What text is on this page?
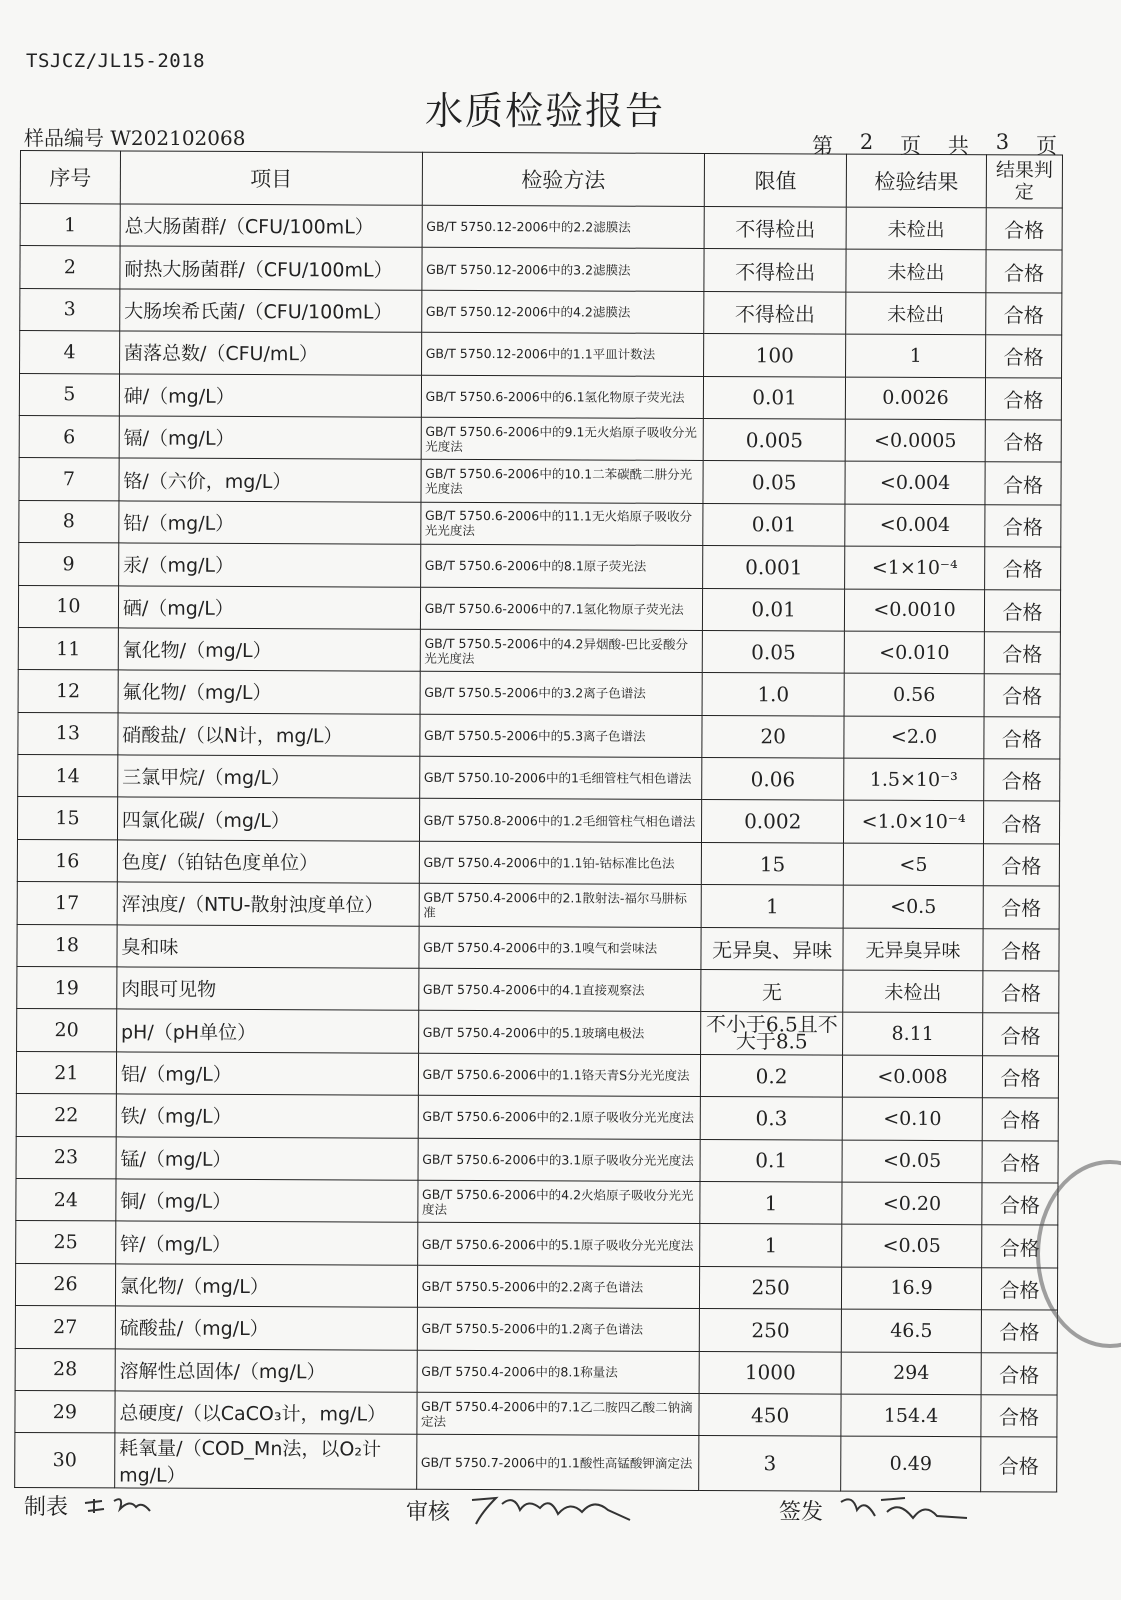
TSJCZ/JL15-2018
水质检验报告
样品编号 W202102068	第 2 页 共 3 页
序号	项目	检验方法	限值	检验结果	结果判定
1	总大肠菌群/（CFU/100mL）	GB/T 5750.12-2006中的2.2滤膜法	不得检出	未检出	合格
2	耐热大肠菌群/（CFU/100mL）	GB/T 5750.12-2006中的3.2滤膜法	不得检出	未检出	合格
3	大肠埃希氏菌/（CFU/100mL）	GB/T 5750.12-2006中的4.2滤膜法	不得检出	未检出	合格
4	菌落总数/（CFU/mL）	GB/T 5750.12-2006中的1.1平皿计数法	100	1	合格
5	砷/（mg/L）	GB/T 5750.6-2006中的6.1氢化物原子荧光法	0.01	0.0026	合格
6	镉/（mg/L）	GB/T 5750.6-2006中的9.1无火焰原子吸收分光光度法	0.005	<0.0005	合格
7	铬/（六价，mg/L）	GB/T 5750.6-2006中的10.1二苯碳酰二肼分光光度法	0.05	<0.004	合格
8	铅/（mg/L）	GB/T 5750.6-2006中的11.1无火焰原子吸收分光光度法	0.01	<0.004	合格
9	汞/（mg/L）	GB/T 5750.6-2006中的8.1原子荧光法	0.001	<1×10⁻⁴	合格
10	硒/（mg/L）	GB/T 5750.6-2006中的7.1氢化物原子荧光法	0.01	<0.0010	合格
11	氰化物/（mg/L）	GB/T 5750.5-2006中的4.2异烟酸-巴比妥酸分光光度法	0.05	<0.010	合格
12	氟化物/（mg/L）	GB/T 5750.5-2006中的3.2离子色谱法	1.0	0.56	合格
13	硝酸盐/（以N计，mg/L）	GB/T 5750.5-2006中的5.3离子色谱法	20	<2.0	合格
14	三氯甲烷/（mg/L）	GB/T 5750.10-2006中的1毛细管柱气相色谱法	0.06	1.5×10⁻³	合格
15	四氯化碳/（mg/L）	GB/T 5750.8-2006中的1.2毛细管柱气相色谱法	0.002	<1.0×10⁻⁴	合格
16	色度/（铂钴色度单位）	GB/T 5750.4-2006中的1.1铂-钴标准比色法	15	<5	合格
17	浑浊度/（NTU-散射浊度单位）	GB/T 5750.4-2006中的2.1散射法-福尔马肼标准	1	<0.5	合格
18	臭和味	GB/T 5750.4-2006中的3.1嗅气和尝味法	无异臭、异味	无异臭异味	合格
19	肉眼可见物	GB/T 5750.4-2006中的4.1直接观察法	无	未检出	合格
20	pH/（pH单位）	GB/T 5750.4-2006中的5.1玻璃电极法	不小于6.5且不大于8.5	8.11	合格
21	铝/（mg/L）	GB/T 5750.6-2006中的1.1铬天青S分光光度法	0.2	<0.008	合格
22	铁/（mg/L）	GB/T 5750.6-2006中的2.1原子吸收分光光度法	0.3	<0.10	合格
23	锰/（mg/L）	GB/T 5750.6-2006中的3.1原子吸收分光光度法	0.1	<0.05	合格
24	铜/（mg/L）	GB/T 5750.6-2006中的4.2火焰原子吸收分光光度法	1	<0.20	合格
25	锌/（mg/L）	GB/T 5750.6-2006中的5.1原子吸收分光光度法	1	<0.05	合格
26	氯化物/（mg/L）	GB/T 5750.5-2006中的2.2离子色谱法	250	16.9	合格
27	硫酸盐/（mg/L）	GB/T 5750.5-2006中的1.2离子色谱法	250	46.5	合格
28	溶解性总固体/（mg/L）	GB/T 5750.4-2006中的8.1称量法	1000	294	合格
29	总硬度/（以CaCO₃计，mg/L）	GB/T 5750.4-2006中的7.1乙二胺四乙酸二钠滴定法	450	154.4	合格
30	耗氧量/（COD_Mn法，以O₂计mg/L）	GB/T 5750.7-2006中的1.1酸性高锰酸钾滴定法	3	0.49	合格
制表	审核	签发
